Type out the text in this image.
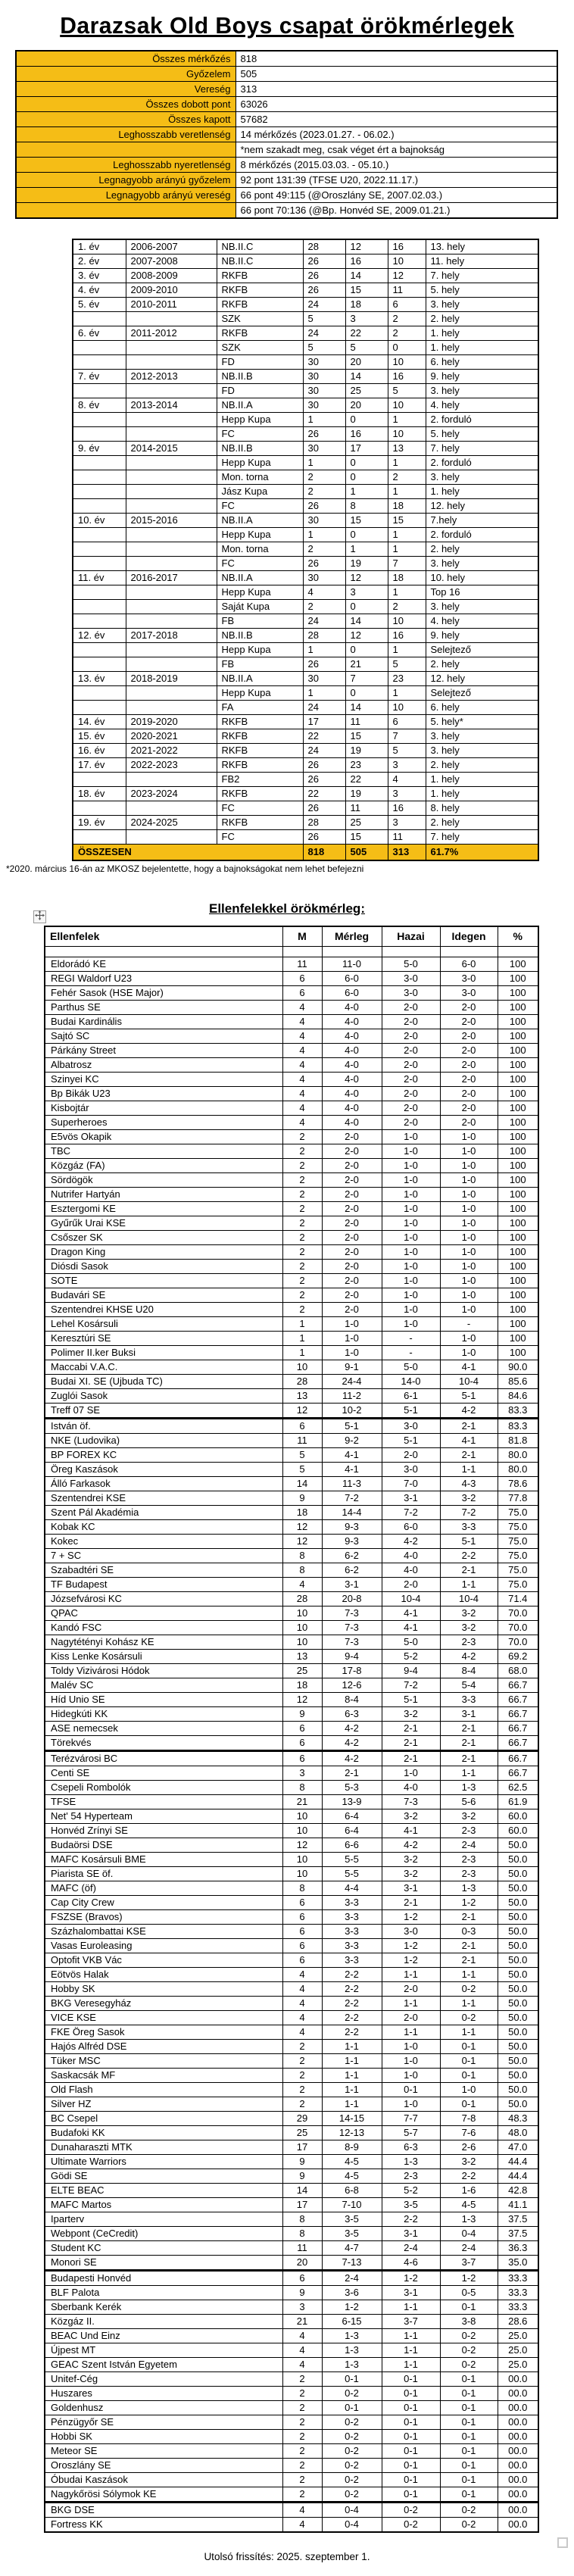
Darazsak Old Boys csapat örökmérlegek
Összes mérkőzés	818
Győzelem	505
Vereség	313
Összes dobott pont	63026
Összes kapott	57682
Leghosszabb veretlenség	14 mérkőzés (2023.01.27. - 06.02.)
	*nem szakadt meg, csak véget ért a bajnokság
Leghosszabb nyeretlenség	8 mérkőzés (2015.03.03. - 05.10.)
Legnagyobb arányú győzelem	92 pont 131:39 (TFSE U20, 2022.11.17.)
Legnagyobb arányú vereség	66 pont 49:115 (@Oroszlány SE, 2007.02.03.)
	66 pont 70:136 (@Bp. Honvéd SE, 2009.01.21.)
1. év	2006-2007	NB.II.C	28	12	16	13. hely
2. év	2007-2008	NB.II.C	26	16	10	11. hely
3. év	2008-2009	RKFB	26	14	12	7. hely
4. év	2009-2010	RKFB	26	15	11	5. hely
5. év	2010-2011	RKFB	24	18	6	3. hely
		SZK	5	3	2	2. hely
6. év	2011-2012	RKFB	24	22	2	1. hely
		SZK	5	5	0	1. hely
		FD	30	20	10	6. hely
7. év	2012-2013	NB.II.B	30	14	16	9. hely
		FD	30	25	5	3. hely
8. év	2013-2014	NB.II.A	30	20	10	4. hely
		Hepp Kupa	1	0	1	2. forduló
		FC	26	16	10	5. hely
9. év	2014-2015	NB.II.B	30	17	13	7. hely
		Hepp Kupa	1	0	1	2. forduló
		Mon. torna	2	0	2	3. hely
		Jász Kupa	2	1	1	1. hely
		FC	26	8	18	12. hely
10. év	2015-2016	NB.II.A	30	15	15	7.hely
		Hepp Kupa	1	0	1	2. forduló
		Mon. torna	2	1	1	2. hely
		FC	26	19	7	3. hely
11. év	2016-2017	NB.II.A	30	12	18	10. hely
		Hepp Kupa	4	3	1	Top 16
		Saját Kupa	2	0	2	3. hely
		FB	24	14	10	4. hely
12. év	2017-2018	NB.II.B	28	12	16	9. hely
		Hepp Kupa	1	0	1	Selejtező
		FB	26	21	5	2. hely
13. év	2018-2019	NB.II.A	30	7	23	12. hely
		Hepp Kupa	1	0	1	Selejtező
		FA	24	14	10	6. hely
14. év	2019-2020	RKFB	17	11	6	5. hely*
15. év	2020-2021	RKFB	22	15	7	3. hely
16. év	2021-2022	RKFB	24	19	5	3. hely
17. év	2022-2023	RKFB	26	23	3	2. hely
		FB2	26	22	4	1. hely
18. év	2023-2024	RKFB	22	19	3	1. hely
		FC	26	11	16	8. hely
19. év	2024-2025	RKFB	28	25	3	2. hely
		FC	26	15	11	7. hely
ÖSSZESEN			818	505	313	61.7%
*2020. március 16-án az MKOSZ bejelentette, hogy a bajnokságokat nem lehet befejezni
Ellenfelekkel örökmérleg:
Ellenfelek	M	Mérleg	Hazai	Idegen	%

Eldorádó KE	11	11-0	5-0	6-0	100
REGI Waldorf U23	6	6-0	3-0	3-0	100
Fehér Sasok (HSE Major)	6	6-0	3-0	3-0	100
Parthus SE	4	4-0	2-0	2-0	100
Budai Kardinális	4	4-0	2-0	2-0	100
Sajtó SC	4	4-0	2-0	2-0	100
Párkány Street	4	4-0	2-0	2-0	100
Albatrosz	4	4-0	2-0	2-0	100
Szinyei KC	4	4-0	2-0	2-0	100
Bp Bikák U23	4	4-0	2-0	2-0	100
Kisbojtár	4	4-0	2-0	2-0	100
Superheroes	4	4-0	2-0	2-0	100
E5vös Okapik	2	2-0	1-0	1-0	100
TBC	2	2-0	1-0	1-0	100
Közgáz (FA)	2	2-0	1-0	1-0	100
Sördögök	2	2-0	1-0	1-0	100
Nutrifer Hartyán	2	2-0	1-0	1-0	100
Esztergomi KE	2	2-0	1-0	1-0	100
Gyűrűk Urai KSE	2	2-0	1-0	1-0	100
Csőszer SK	2	2-0	1-0	1-0	100
Dragon King	2	2-0	1-0	1-0	100
Diósdi Sasok	2	2-0	1-0	1-0	100
SOTE	2	2-0	1-0	1-0	100
Budavári SE	2	2-0	1-0	1-0	100
Szentendrei KHSE U20	2	2-0	1-0	1-0	100
Lehel Kosársuli	1	1-0	1-0	-	100
Keresztúri SE	1	1-0	-	1-0	100
Polimer II.ker Buksi	1	1-0	-	1-0	100
Maccabi V.A.C.	10	9-1	5-0	4-1	90.0
Budai XI. SE (Ujbuda TC)	28	24-4	14-0	10-4	85.6
Zuglói Sasok	13	11-2	6-1	5-1	84.6
Treff 07 SE	12	10-2	5-1	4-2	83.3
István öf.	6	5-1	3-0	2-1	83.3
NKE (Ludovika)	11	9-2	5-1	4-1	81.8
BP FOREX KC	5	4-1	2-0	2-1	80.0
Öreg Kaszások	5	4-1	3-0	1-1	80.0
Álló Farkasok	14	11-3	7-0	4-3	78.6
Szentendrei KSE	9	7-2	3-1	3-2	77.8
Szent Pál Akadémia	18	14-4	7-2	7-2	75.0
Kobak KC	12	9-3	6-0	3-3	75.0
Kokec	12	9-3	4-2	5-1	75.0
7 + SC	8	6-2	4-0	2-2	75.0
Szabadtéri SE	8	6-2	4-0	2-1	75.0
TF Budapest	4	3-1	2-0	1-1	75.0
Józsefvárosi KC	28	20-8	10-4	10-4	71.4
QPAC	10	7-3	4-1	3-2	70.0
Kandó FSC	10	7-3	4-1	3-2	70.0
Nagytétényi Kohász KE	10	7-3	5-0	2-3	70.0
Kiss Lenke Kosársuli	13	9-4	5-2	4-2	69.2
Toldy Vizivárosi Hódok	25	17-8	9-4	8-4	68.0
Malév SC	18	12-6	7-2	5-4	66.7
Híd Unio SE	12	8-4	5-1	3-3	66.7
Hidegkúti KK	9	6-3	3-2	3-1	66.7
ASE nemecsek	6	4-2	2-1	2-1	66.7
Törekvés	6	4-2	2-1	2-1	66.7
Terézvárosi BC	6	4-2	2-1	2-1	66.7
Centi SE	3	2-1	1-0	1-1	66.7
Csepeli Rombolók	8	5-3	4-0	1-3	62.5
TFSE	21	13-9	7-3	5-6	61.9
Net' 54 Hyperteam	10	6-4	3-2	3-2	60.0
Honvéd Zrínyi SE	10	6-4	4-1	2-3	60.0
Budaörsi DSE	12	6-6	4-2	2-4	50.0
MAFC Kosársuli BME	10	5-5	3-2	2-3	50.0
Piarista SE öf.	10	5-5	3-2	2-3	50.0
MAFC (öf)	8	4-4	3-1	1-3	50.0
Cap City Crew	6	3-3	2-1	1-2	50.0
FSZSE (Bravos)	6	3-3	1-2	2-1	50.0
Százhalombattai KSE	6	3-3	3-0	0-3	50.0
Vasas Euroleasing	6	3-3	1-2	2-1	50.0
Optofit VKB Vác	6	3-3	1-2	2-1	50.0
Eötvös Halak	4	2-2	1-1	1-1	50.0
Hobby SK	4	2-2	2-0	0-2	50.0
BKG Veresegyház	4	2-2	1-1	1-1	50.0
VICE KSE	4	2-2	2-0	0-2	50.0
FKE Öreg Sasok	4	2-2	1-1	1-1	50.0
Hajós Alfréd DSE	2	1-1	1-0	0-1	50.0
Tüker MSC	2	1-1	1-0	0-1	50.0
Saskacsák MF	2	1-1	1-0	0-1	50.0
Old Flash	2	1-1	0-1	1-0	50.0
Silver HZ	2	1-1	1-0	0-1	50.0
BC Csepel	29	14-15	7-7	7-8	48.3
Budafoki KK	25	12-13	5-7	7-6	48.0
Dunaharaszti MTK	17	8-9	6-3	2-6	47.0
Ultimate Warriors	9	4-5	1-3	3-2	44.4
Gödi SE	9	4-5	2-3	2-2	44.4
ELTE BEAC	14	6-8	5-2	1-6	42.8
MAFC Martos	17	7-10	3-5	4-5	41.1
Iparterv	8	3-5	2-2	1-3	37.5
Webpont (CeCredit)	8	3-5	3-1	0-4	37.5
Student KC	11	4-7	2-4	2-4	36.3
Monori SE	20	7-13	4-6	3-7	35.0
Budapesti Honvéd	6	2-4	1-2	1-2	33.3
BLF Palota	9	3-6	3-1	0-5	33.3
Sberbank Kerék	3	1-2	1-1	0-1	33.3
Közgáz II.	21	6-15	3-7	3-8	28.6
BEAC Und Einz	4	1-3	1-1	0-2	25.0
Újpest MT	4	1-3	1-1	0-2	25.0
GEAC Szent István Egyetem	4	1-3	1-1	0-2	25.0
Unitef-Cég	2	0-1	0-1	0-1	00.0
Huszares	2	0-2	0-1	0-1	00.0
Goldenhusz	2	0-1	0-1	0-1	00.0
Pénzügyőr SE	2	0-2	0-1	0-1	00.0
Hobbi SK	2	0-2	0-1	0-1	00.0
Meteor SE	2	0-2	0-1	0-1	00.0
Oroszlány SE	2	0-2	0-1	0-1	00.0
Óbudai Kaszások	2	0-2	0-1	0-1	00.0
Nagykőrösi Sólymok KE	2	0-2	0-1	0-1	00.0
BKG DSE	4	0-4	0-2	0-2	00.0
Fortress KK	4	0-4	0-2	0-2	00.0
Utolsó frissítés: 2025. szeptember 1.
